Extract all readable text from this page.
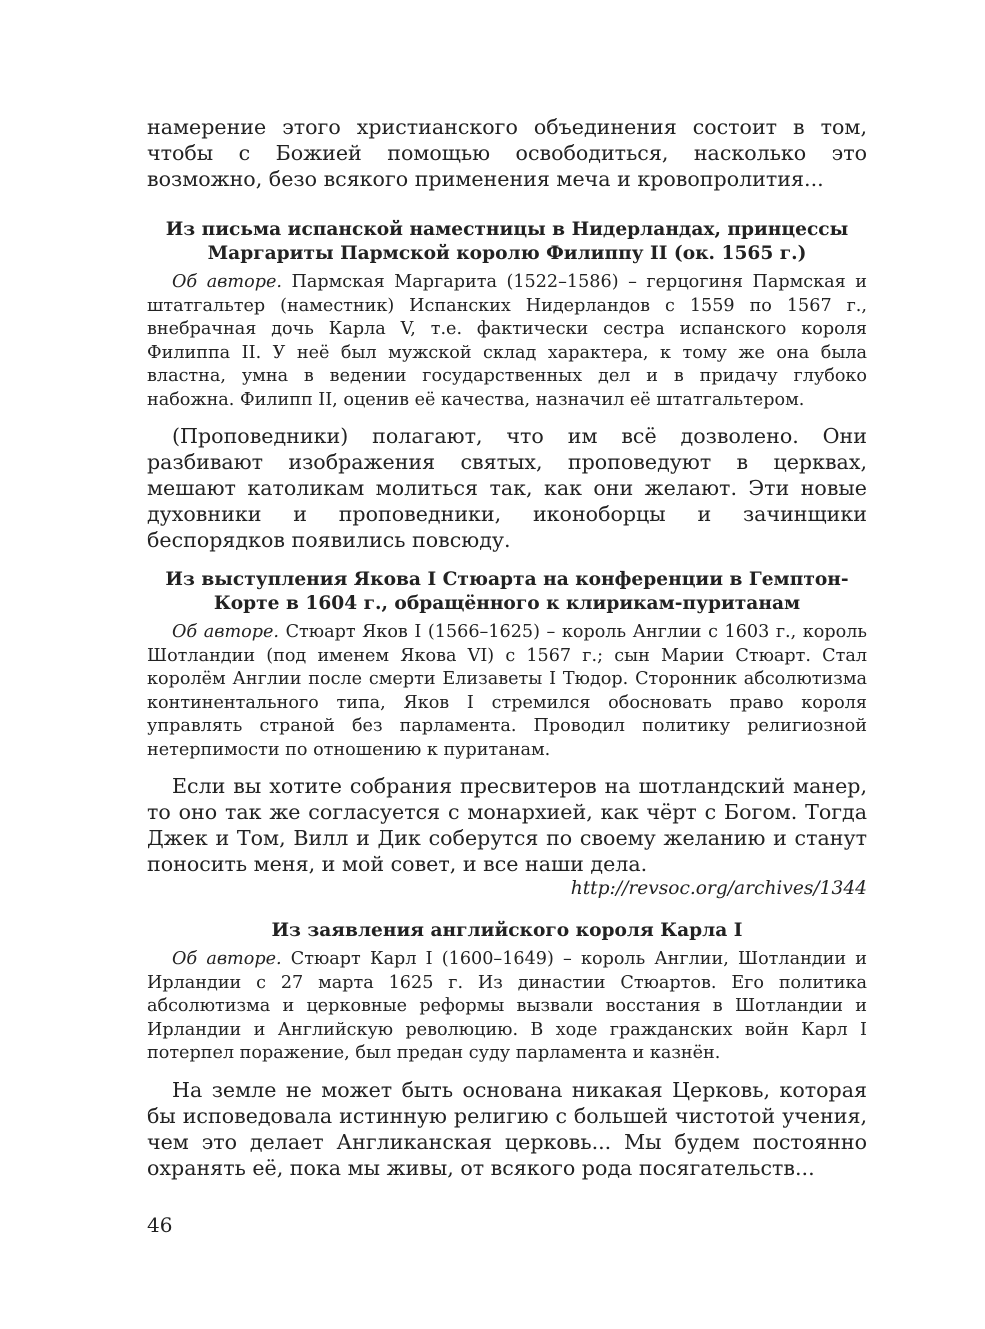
намерение этого христианского объединения состоит в том, чтобы с Божией помощью освободиться, насколько это возможно, безо всякого применения меча и кровопролития...

Из письма испанской наместницы в Нидерландах, принцессы Маргариты Пармской королю Филиппу II (ок. 1565 г.)

Об авторе. Пармская Маргарита (1522–1586) – герцогиня Пармская и штатгальтер (наместник) Испанских Нидерландов с 1559 по 1567 г., внебрачная дочь Карла V, т.е. фактически сестра испанского короля Филиппа II. У неё был мужской склад характера, к тому же она была властна, умна в ведении государственных дел и в придачу глубоко набожна. Филипп II, оценив её качества, назначил её штатгальтером.

(Проповедники) полагают, что им всё дозволено. Они разбивают изображения святых, проповедуют в церквах, мешают католикам молиться так, как они желают. Эти новые духовники и проповедники, иконоборцы и зачинщики беспорядков появились повсюду.

Из выступления Якова I Стюарта на конференции в Гемптон-Корте в 1604 г., обращённого к клирикам-пуританам

Об авторе. Стюарт Яков I (1566–1625) – король Англии с 1603 г., король Шотландии (под именем Якова VI) с 1567 г.; сын Марии Стюарт. Стал королём Англии после смерти Елизаветы I Тюдор. Сторонник абсолютизма континентального типа, Яков I стремился обосновать право короля управлять страной без парламента. Проводил политику религиозной нетерпимости по отношению к пуританам.

Если вы хотите собрания пресвитеров на шотландский манер, то оно так же согласуется с монархией, как чёрт с Богом. Тогда Джек и Том, Вилл и Дик соберутся по своему желанию и станут поносить меня, и мой совет, и все наши дела.

http://revsoc.org/archives/1344

Из заявления английского короля Карла I

Об авторе. Стюарт Карл I (1600–1649) – король Англии, Шотландии и Ирландии с 27 марта 1625 г. Из династии Стюартов. Его политика абсолютизма и церковные реформы вызвали восстания в Шотландии и Ирландии и Английскую революцию. В ходе гражданских войн Карл I потерпел поражение, был предан суду парламента и казнён.

На земле не может быть основана никакая Церковь, которая бы исповедовала истинную религию с большей чистотой учения, чем это делает Англиканская церковь... Мы будем постоянно охранять её, пока мы живы, от всякого рода посягательств...

46
